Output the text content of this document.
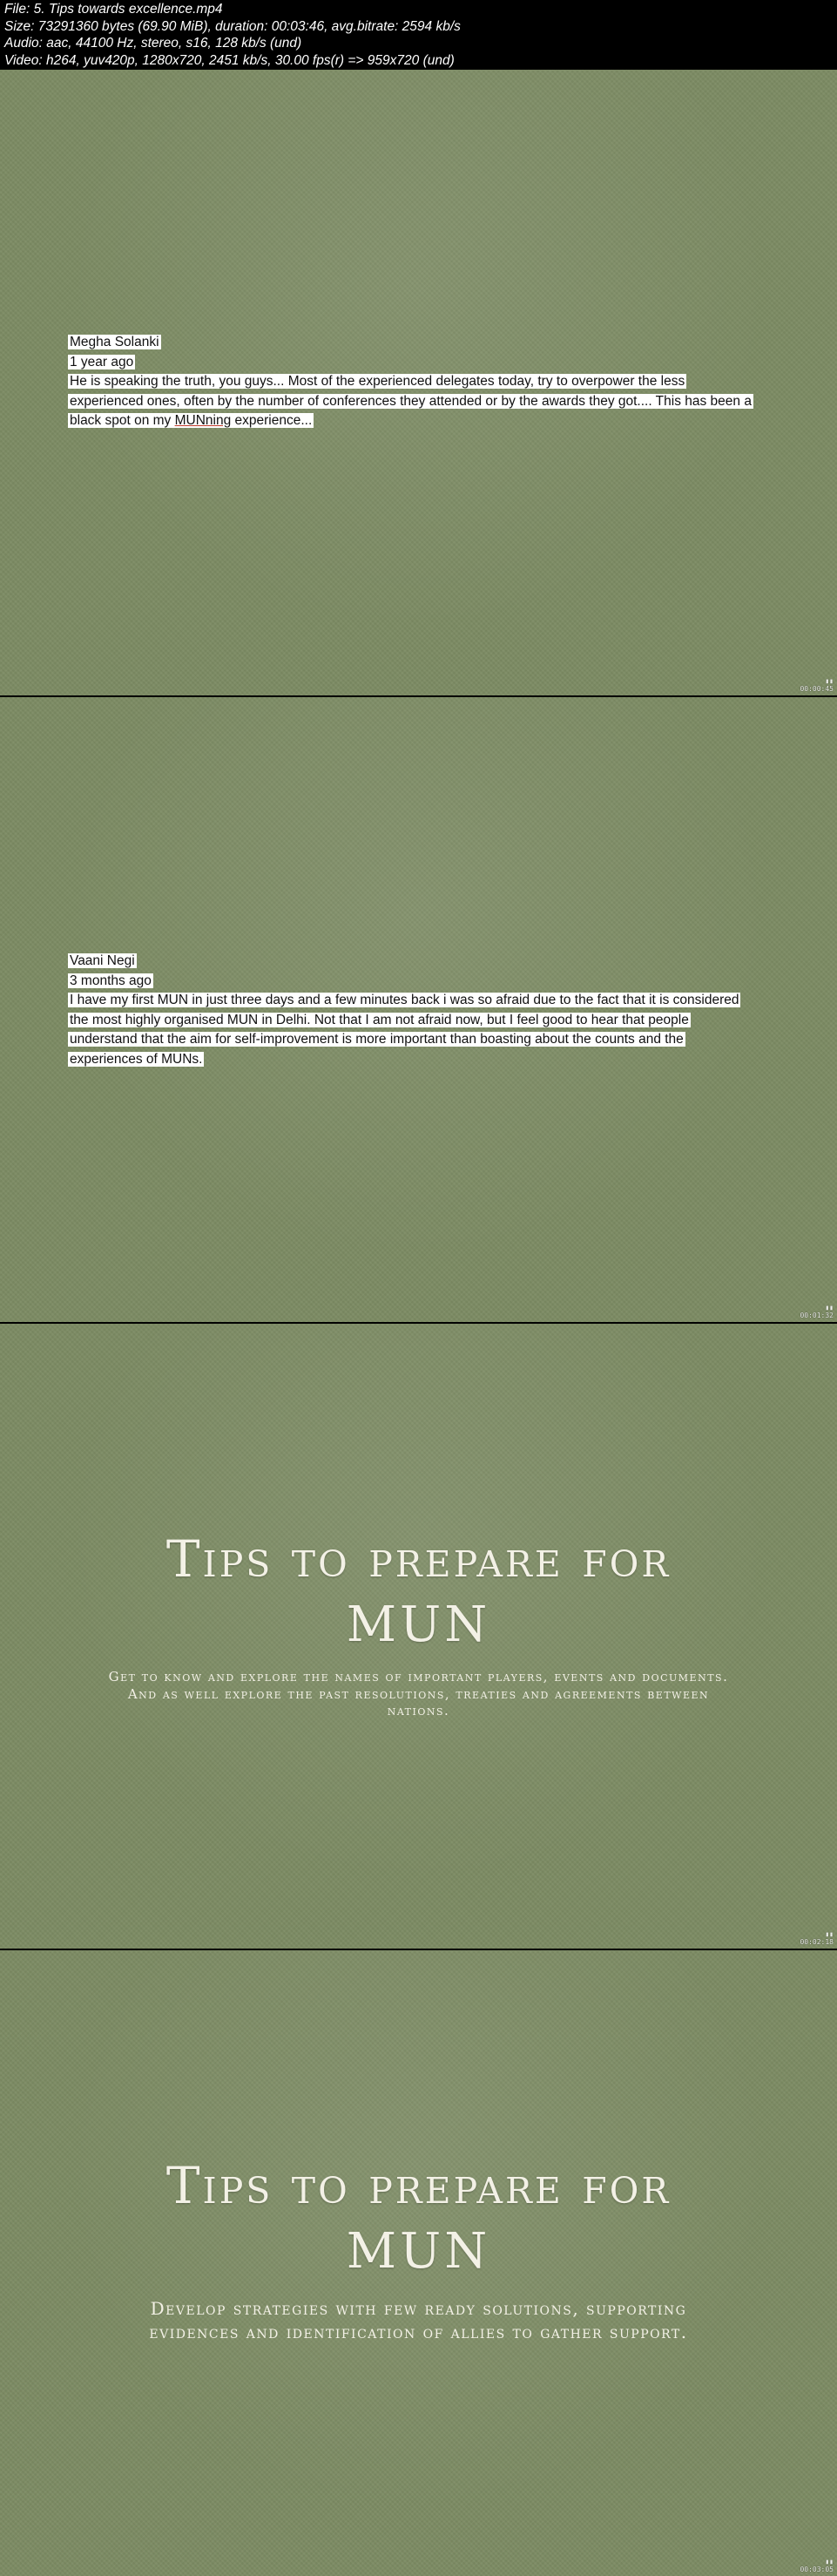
File: 5. Tips towards excellence.mp4
Size: 73291360 bytes (69.90 MiB), duration: 00:03:46, avg.bitrate: 2594 kb/s
Audio: aac, 44100 Hz, stereo, s16, 128 kb/s (und)
Video: h264, yuv420p, 1280x720, 2451 kb/s, 30.00 fps(r) => 959x720 (und)
Megha Solanki
1 year ago
He is speaking the truth, you guys... Most of the experienced delegates today, try to overpower the less
experienced ones, often by the number of conferences they attended or by the awards they got.... This has been a
black spot on my MUNning experience...
▮▮
00:00:45
Vaani Negi
3 months ago
I have my first MUN in just three days and a few minutes back i was so afraid due to the fact that it is considered
the most highly organised MUN in Delhi. Not that I am not afraid now, but I feel good to hear that people
understand that the aim for self-improvement is more important than boasting about the counts and the
experiences of MUNs.
▮▮
00:01:32
Tips to prepare for
MUN
Get to know and explore the names of important players, events and documents.
And as well explore the past resolutions, treaties and agreements between
nations.
▮▮
00:02:18
Tips to prepare for
MUN
Develop strategies with few ready solutions, supporting
evidences and identification of allies to gather support.
▮▮
00:03:05
